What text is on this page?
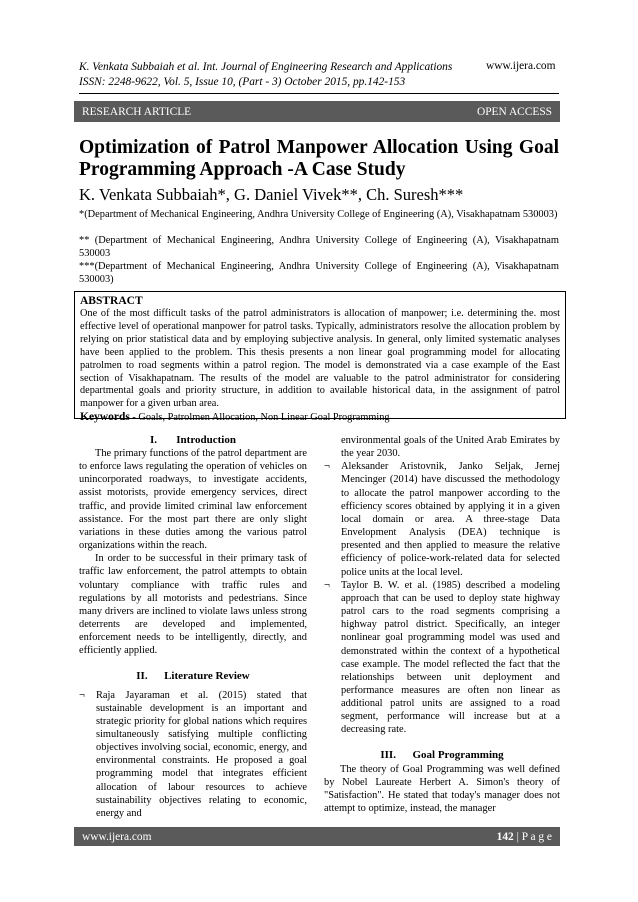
K. Venkata Subbaiah et al. Int. Journal of Engineering Research and Applications
ISSN: 2248-9622, Vol. 5, Issue 10, (Part - 3) October 2015, pp.142-153
www.ijera.com
RESEARCH ARTICLE	OPEN ACCESS
Optimization of Patrol Manpower Allocation Using Goal
Programming Approach -A Case Study
K. Venkata Subbaiah*, G. Daniel Vivek**, Ch. Suresh***
*(Department of Mechanical Engineering, Andhra University College of Engineering (A), Visakhapatnam 530003)
** (Department of Mechanical Engineering, Andhra University College of Engineering (A), Visakhapatnam 530003
***(Department of Mechanical Engineering, Andhra University College of Engineering (A), Visakhapatnam 530003)
ABSTRACT
One of the most difficult tasks of the patrol administrators is allocation of manpower; i.e. determining the. most effective level of operational manpower for patrol tasks. Typically, administrators resolve the allocation problem by relying on prior statistical data and by employing subjective analysis. In general, only limited systematic analyses have been applied to the problem. This thesis presents a non linear goal programming model for allocating patrolmen to road segments within a patrol region. The model is demonstrated via a case example of the East section of Visakhapatnam. The results of the model are valuable to the patrol administrator for considering departmental goals and priority structure, in addition to available historical data, in the assignment of patrol manpower for a given urban area.
Keywords - Goals, Patrolmen Allocation, Non Linear Goal Programming
I.       Introduction

The primary functions of the patrol department are to enforce laws regulating the operation of vehicles on unincorporated roadways, to investigate accidents, assist motorists, provide emergency services, direct traffic, and provide limited criminal law enforcement assistance. For the most part there are only slight variations in these duties among the various patrol organizations within the reach.

In order to be successful in their primary task of traffic law enforcement, the patrol attempts to obtain voluntary compliance with traffic rules and regulations by all motorists and pedestrians. Since many drivers are inclined to violate laws unless strong deterrents are developed and implemented, enforcement needs to be intelligently, directly, and efficiently applied.

II.      Literature Review
¬ Raja Jayaraman et al. (2015) stated that sustainable development is an important and strategic priority for global nations which requires simultaneously satisfying multiple conflicting objectives involving social, economic, energy, and environmental constraints. He proposed a goal programming model that integrates efficient allocation of labour resources to achieve sustainability objectives relating to economic, energy and
environmental goals of the United Arab Emirates by the year 2030.
¬ Aleksander Aristovnik, Janko Seljak, Jernej Mencinger (2014) have discussed the methodology to allocate the patrol manpower according to the efficiency scores obtained by applying it in a given local domain or area. A three-stage Data Envelopment Analysis (DEA) technique is presented and then applied to measure the relative efficiency of police-work-related data for selected police units at the local level.
¬ Taylor B. W. et al. (1985) described a modeling approach that can be used to deploy state highway patrol cars to the road segments comprising a highway patrol district. Specifically, an integer nonlinear goal programming model was used and demonstrated within the context of a hypothetical case example. The model reflected the fact that the relationships between unit deployment and performance measures are often non linear as additional patrol units are assigned to a road segment, performance will increase but at a decreasing rate.
III.      Goal Programming

The theory of Goal Programming was well defined by Nobel Laureate Herbert A. Simon's theory of "Satisfaction". He stated that today's manager does not attempt to optimize, instead, the manager

www.ijera.com	142 | P a g e
